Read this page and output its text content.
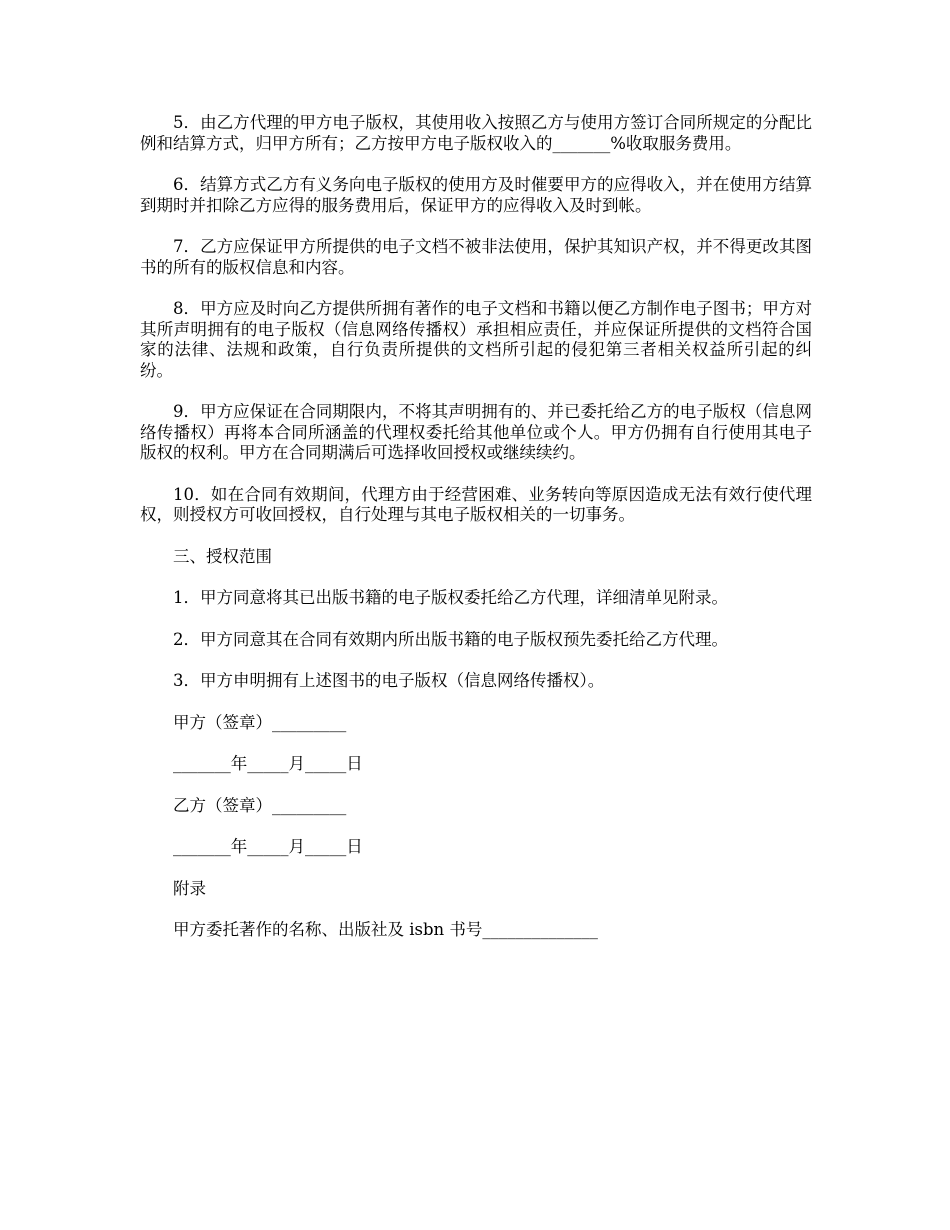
5．由乙方代理的甲方电子版权，其使用收入按照乙方与使用方签订合同所规定的分配比例和结算方式，归甲方所有；乙方按甲方电子版权收入的_______%收取服务费用。

6．结算方式乙方有义务向电子版权的使用方及时催要甲方的应得收入，并在使用方结算到期时并扣除乙方应得的服务费用后，保证甲方的应得收入及时到帐。

7．乙方应保证甲方所提供的电子文档不被非法使用，保护其知识产权，并不得更改其图书的所有的版权信息和内容。

8．甲方应及时向乙方提供所拥有著作的电子文档和书籍以便乙方制作电子图书；甲方对其所声明拥有的电子版权（信息网络传播权）承担相应责任，并应保证所提供的文档符合国家的法律、法规和政策，自行负责所提供的文档所引起的侵犯第三者相关权益所引起的纠纷。

9．甲方应保证在合同期限内，不将其声明拥有的、并已委托给乙方的电子版权（信息网络传播权）再将本合同所涵盖的代理权委托给其他单位或个人。甲方仍拥有自行使用其电子版权的权利。甲方在合同期满后可选择收回授权或继续续约。

10．如在合同有效期间，代理方由于经营困难、业务转向等原因造成无法有效行使代理权，则授权方可收回授权，自行处理与其电子版权相关的一切事务。

三、授权范围

1．甲方同意将其已出版书籍的电子版权委托给乙方代理，详细清单见附录。

2．甲方同意其在合同有效期内所出版书籍的电子版权预先委托给乙方代理。

3．甲方申明拥有上述图书的电子版权（信息网络传播权）。

甲方（签章）_________

_______年_____月_____日

乙方（签章）_________

_______年_____月_____日

附录

甲方委托著作的名称、出版社及 isbn 书号______________
